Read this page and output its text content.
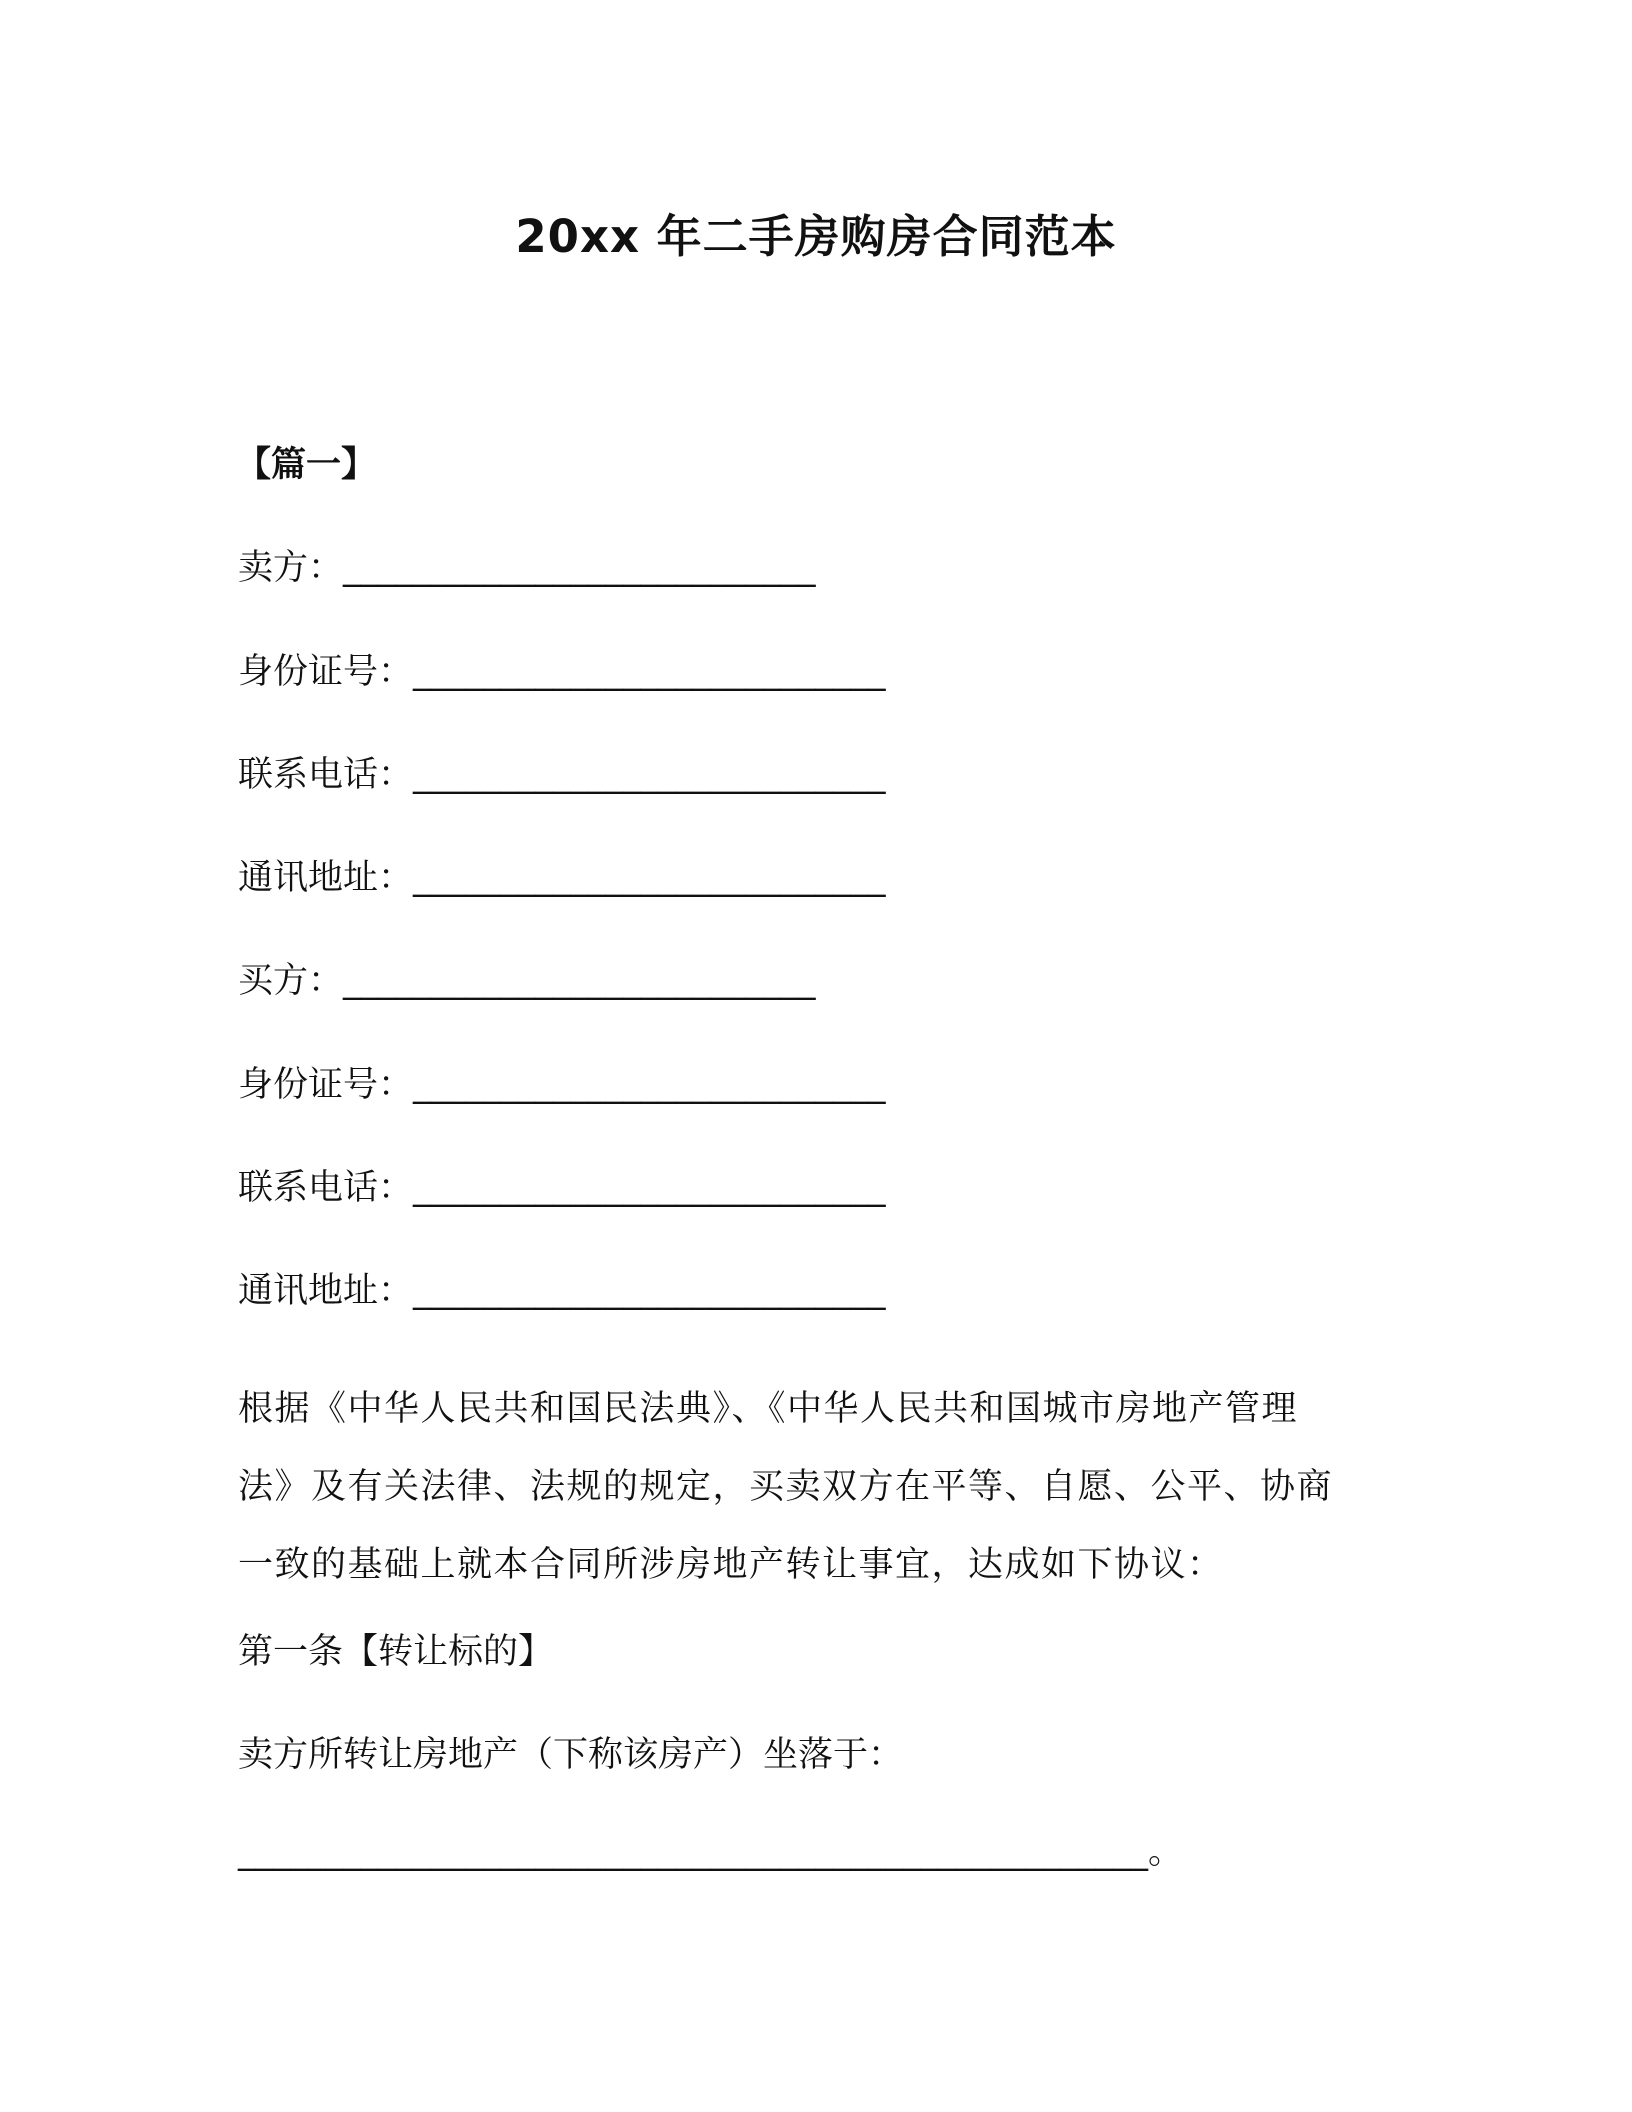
20xx 年二手房购房合同范本
【篇一】
卖方：___________________________
身份证号：___________________________
联系电话：___________________________
通讯地址：___________________________
买方：___________________________
身份证号：___________________________
联系电话：___________________________
通讯地址：___________________________
根据《中华人民共和国民法典》、《中华人民共和国城市房地产管理
法》及有关法律、法规的规定，买卖双方在平等、自愿、公平、协商
一致的基础上就本合同所涉房地产转让事宜，达成如下协议：
第一条【转让标的】
卖方所转让房地产（下称该房产）坐落于：
____________________________________________________。
